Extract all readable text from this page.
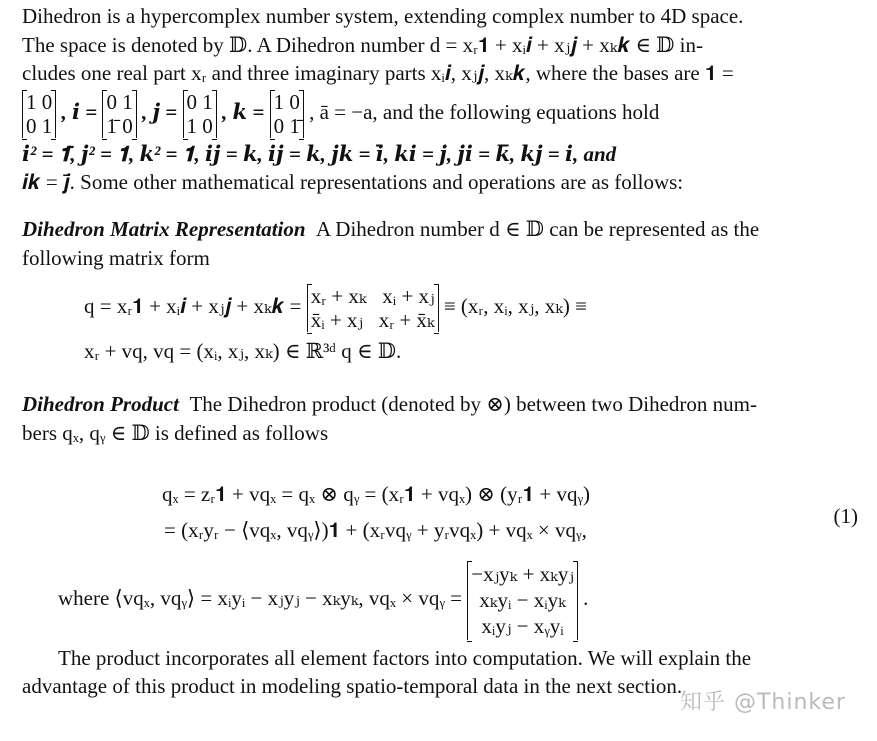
Dihedron is a hypercomplex number system, extending complex number to 4D space.
The space is denoted by 𝔻. A Dihedron number d = xᵣ𝟏 + xᵢ𝒊 + xⱼ𝒋 + xₖ𝒌 ∈ 𝔻 in-
cludes one real part xᵣ and three imaginary parts xᵢ𝒊, xⱼ𝒋, xₖ𝒌, where the bases are 𝟏 =
1 0
0 1
, 𝒊 = 0 1
1̄ 0
, 𝒋 = 0 1
1 0
, 𝒌 = 1 0
0 1̄
, ā = −a, and the following equations hold
𝒊² = 𝟏̄, 𝒋² = 𝟏, 𝒌² = 𝟏, 𝒊𝒋 = 𝒌, 𝒊𝒋 = 𝒌, 𝒋𝒌 = 𝒊̄, 𝒌𝒊 = 𝒋, 𝒋𝒊 = 𝒌̄, 𝒌𝒋 = 𝒊, and
𝒊𝒌 = 𝒋̄. Some other mathematical representations and operations are as follows:

Dihedron Matrix Representation A Dihedron number d ∈ 𝔻 can be represented as the
following matrix form

q = xᵣ𝟏 + xᵢ𝒊 + xⱼ𝒋 + xₖ𝒌 = xᵣ + xₖ   xᵢ + xⱼ
x̄ᵢ + xⱼ   xᵣ + x̄ₖ
≡ (xᵣ, xᵢ, xⱼ, xₖ) ≡
xᵣ + vq, vq = (xᵢ, xⱼ, xₖ) ∈ ℝ³ᵈ q ∈ 𝔻.

Dihedron Product The Dihedron product (denoted by ⊗) between two Dihedron num-
bers qₓ, qᵧ ∈ 𝔻 is defined as follows

qₓ = zᵣ𝟏 + vqₓ = qₓ ⊗ qᵧ = (xᵣ𝟏 + vqₓ) ⊗ (yᵣ𝟏 + vqᵧ)
= (xᵣyᵣ − ⟨vqₓ, vqᵧ⟩)𝟏 + (xᵣvqᵧ + yᵣvqₓ) + vqₓ × vqᵧ,
(1)
where ⟨vqₓ, vqᵧ⟩ = xᵢyᵢ − xⱼyⱼ − xₖyₖ, vqₓ × vqᵧ =
−xⱼyₖ + xₖyⱼ
xₖyᵢ − xᵢyₖ
xᵢyⱼ − xᵧyᵢ
.

The product incorporates all element factors into computation. We will explain the
advantage of this product in modeling spatio-temporal data in the next section.

知乎 @Thinker
